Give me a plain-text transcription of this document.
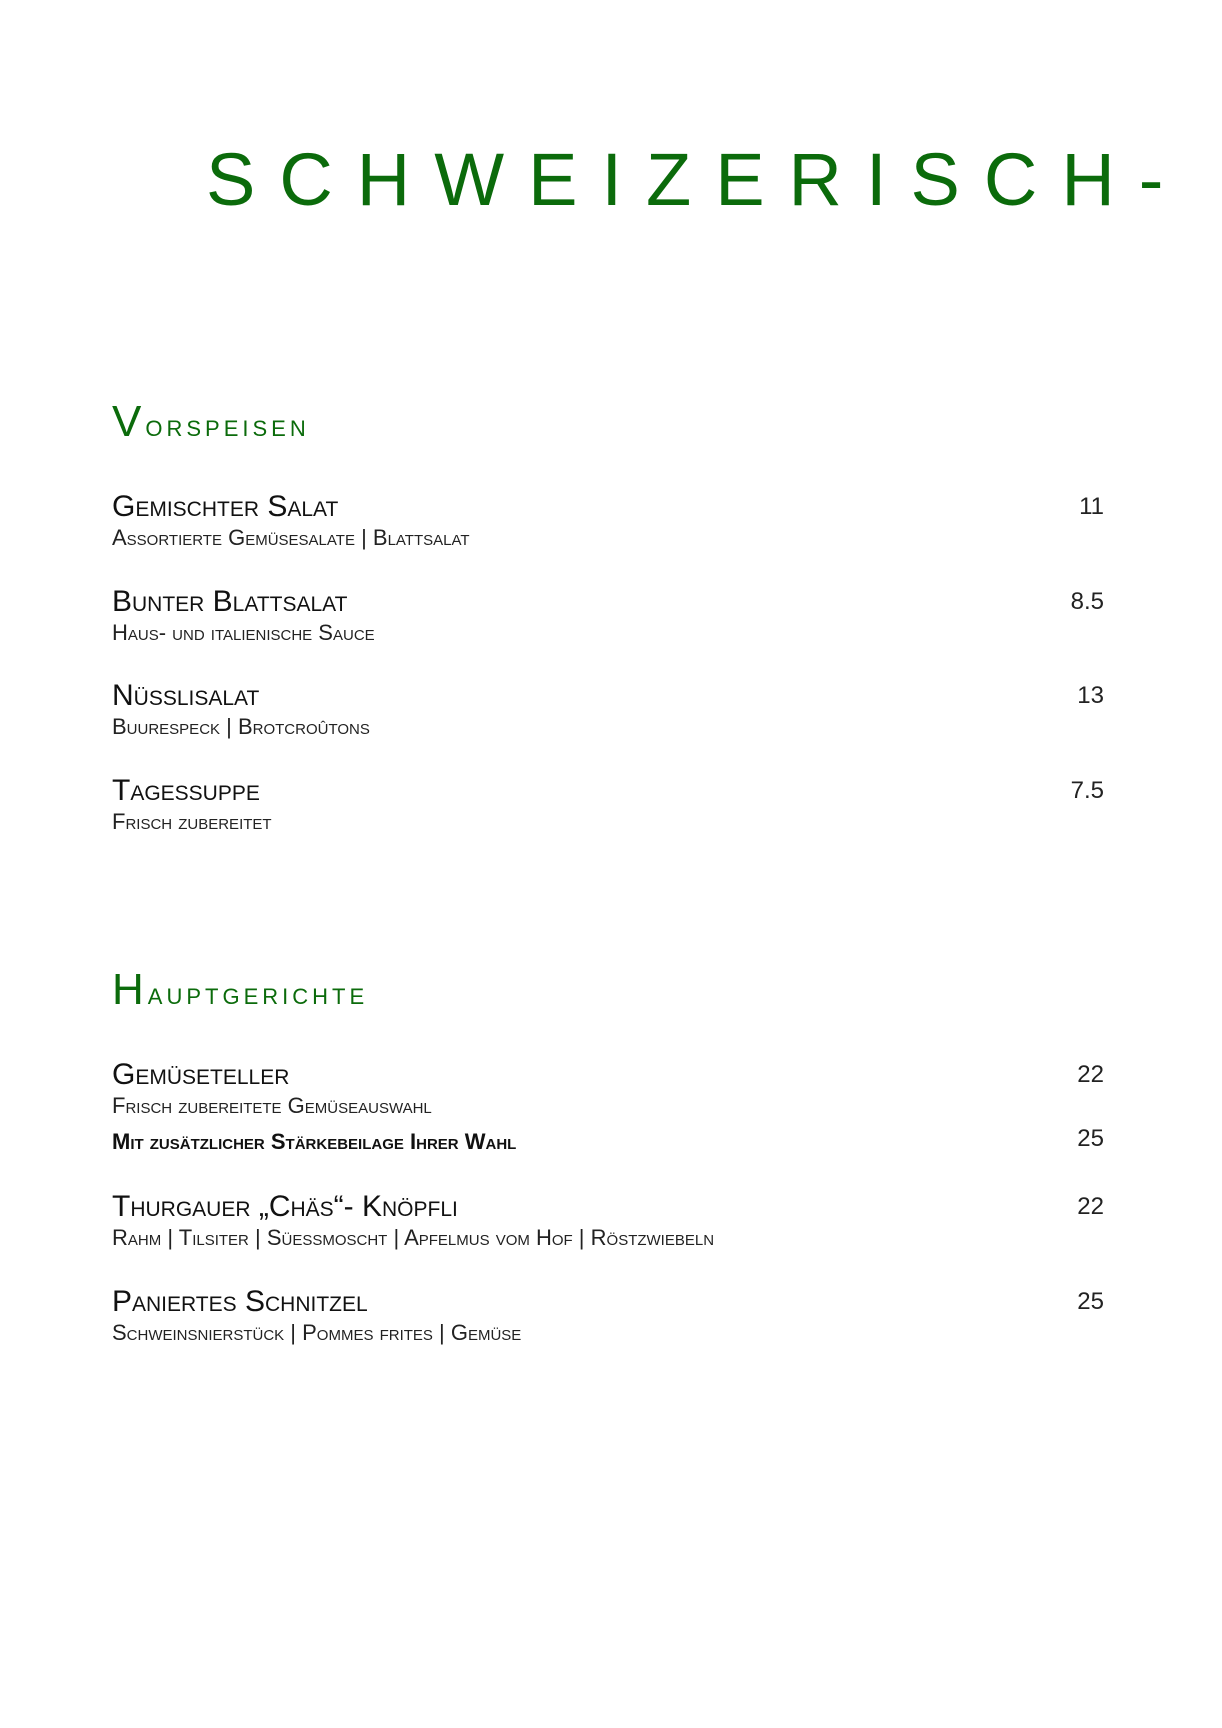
SCHWEIZERISCH-
Vorspeisen
Gemischter Salat
Assortierte Gemüsesalate | Blattsalat
11
Bunter Blattsalat
Haus- und italienische Sauce
8.5
Nüsslisalat
Buurespeck | Brotcroûtons
13
Tagessuppe
Frisch zubereitet
7.5
Hauptgerichte
Gemüseteller
Frisch zubereitete Gemüseauswahl
Mit zusätzlicher Stärkebeilage Ihrer Wahl
22
25
Thurgauer „Chäs“- Knöpfli
Rahm | Tilsiter | Süessmoscht | Apfelmus vom Hof | Röstzwiebeln
22
Paniertes Schnitzel
Schweinsnierstück | Pommes frites | Gemüse
25
